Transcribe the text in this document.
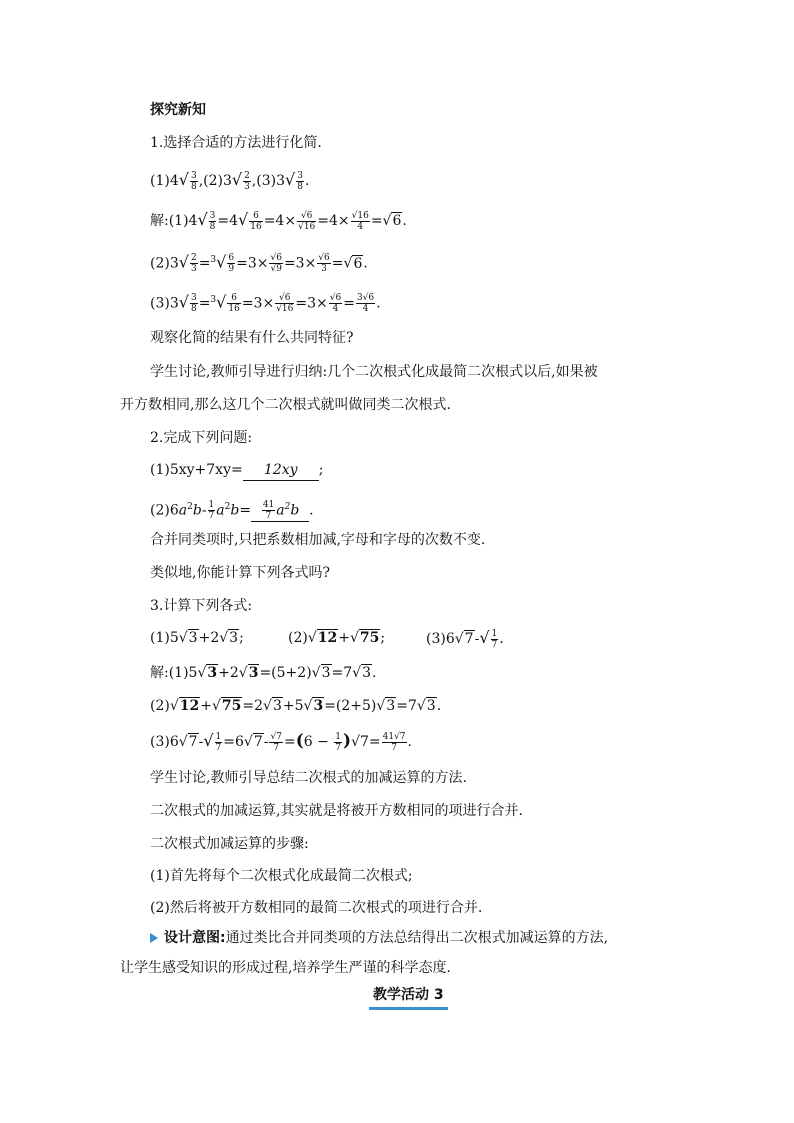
探究新知
1.选择合适的方法进行化简.
$(1)4√ \frac{3}{8} ,(2)3√ \frac{2}{3} ,(3)3√ \frac{3}{8}$ .
解:(1)4√ $\frac{3}{8} =4√ \frac{6}{16} =4\times \frac{√6}{√16} =4\times \frac{√16}{4} =√6$.
$(2)3√ \frac{2}{3} =^3√ \frac{6}{9} =3\times \frac{√6}{√9} =3\times \frac{√6}{3} =√6$.
$(3)3√ \frac{3}{8} =^3√ \frac{6}{16} =3\times \frac{√6}{√16} =3\times \frac{√6}{4} = \frac{3√6}{4}$ .
观察化简的结果有什么共同特征?
学生讨论,教师引导进行归纳:几个二次根式化成最简二次根式以后,如果被
开方数相同,那么这几个二次根式就叫做同类二次根式.
2.完成下列问题:
(1)5xy+7xy= 12xy ;
$(2)6a^2b- \frac{1}{7} a^2b= \frac{41}{7} a^2b$ .
合并同类项时,只把系数相加减,字母和字母的次数不变.
类似地,你能计算下列各式吗?
3.计算下列各式:
(1)5√3+2√3;	(2)√12+√75;	$(3)6√7-√ \frac{1}{7}$ .
解:(1)5√3+2√3=(5+2)√3=7√3.
(2)√12+√75=2√3+5√3=(2+5)√3=7√3.
$(3)6√7-√ \frac{1}{7} =6√7- \frac{√7}{7} =(6 - \frac{1}{7} )√7= \frac{41√7}{7}$ .
学生讨论,教师引导总结二次根式的加减运算的方法.
二次根式的加减运算,其实就是将被开方数相同的项进行合并.
二次根式加减运算的步骤:
(1)首先将每个二次根式化成最简二次根式;
(2)然后将被开方数相同的最简二次根式的项进行合并.
设计意图:通过类比合并同类项的方法总结得出二次根式加减运算的方法,
让学生感受知识的形成过程,培养学生严谨的科学态度.
教学活动 3
